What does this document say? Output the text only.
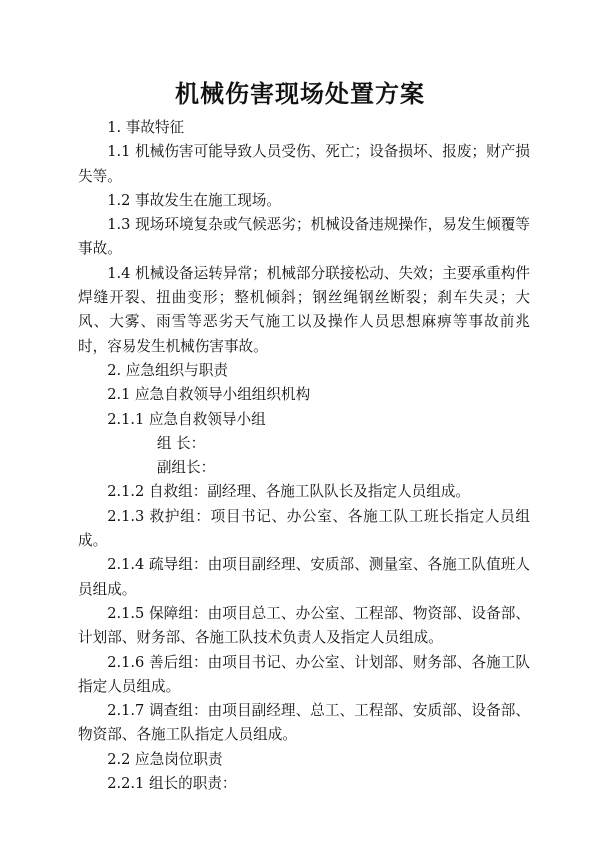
机械伤害现场处置方案

1. 事故特征

1.1 机械伤害可能导致人员受伤、死亡；设备损坏、报废；财产损失等。

1.2 事故发生在施工现场。

1.3 现场环境复杂或气候恶劣；机械设备违规操作，易发生倾覆等事故。

1.4 机械设备运转异常；机械部分联接松动、失效；主要承重构件焊缝开裂、扭曲变形；整机倾斜；钢丝绳钢丝断裂；刹车失灵；大风、大雾、雨雪等恶劣天气施工以及操作人员思想麻痹等事故前兆时，容易发生机械伤害事故。

2. 应急组织与职责

2.1 应急自救领导小组组织机构

2.1.1 应急自救领导小组

组 长：

副组长：

2.1.2 自救组：副经理、各施工队队长及指定人员组成。

2.1.3 救护组：项目书记、办公室、各施工队工班长指定人员组成。

2.1.4 疏导组：由项目副经理、安质部、测量室、各施工队值班人员组成。

2.1.5 保障组：由项目总工、办公室、工程部、物资部、设备部、计划部、财务部、各施工队技术负责人及指定人员组成。

2.1.6 善后组：由项目书记、办公室、计划部、财务部、各施工队指定人员组成。

2.1.7 调查组：由项目副经理、总工、工程部、安质部、设备部、物资部、各施工队指定人员组成。

2.2 应急岗位职责

2.2.1 组长的职责：
